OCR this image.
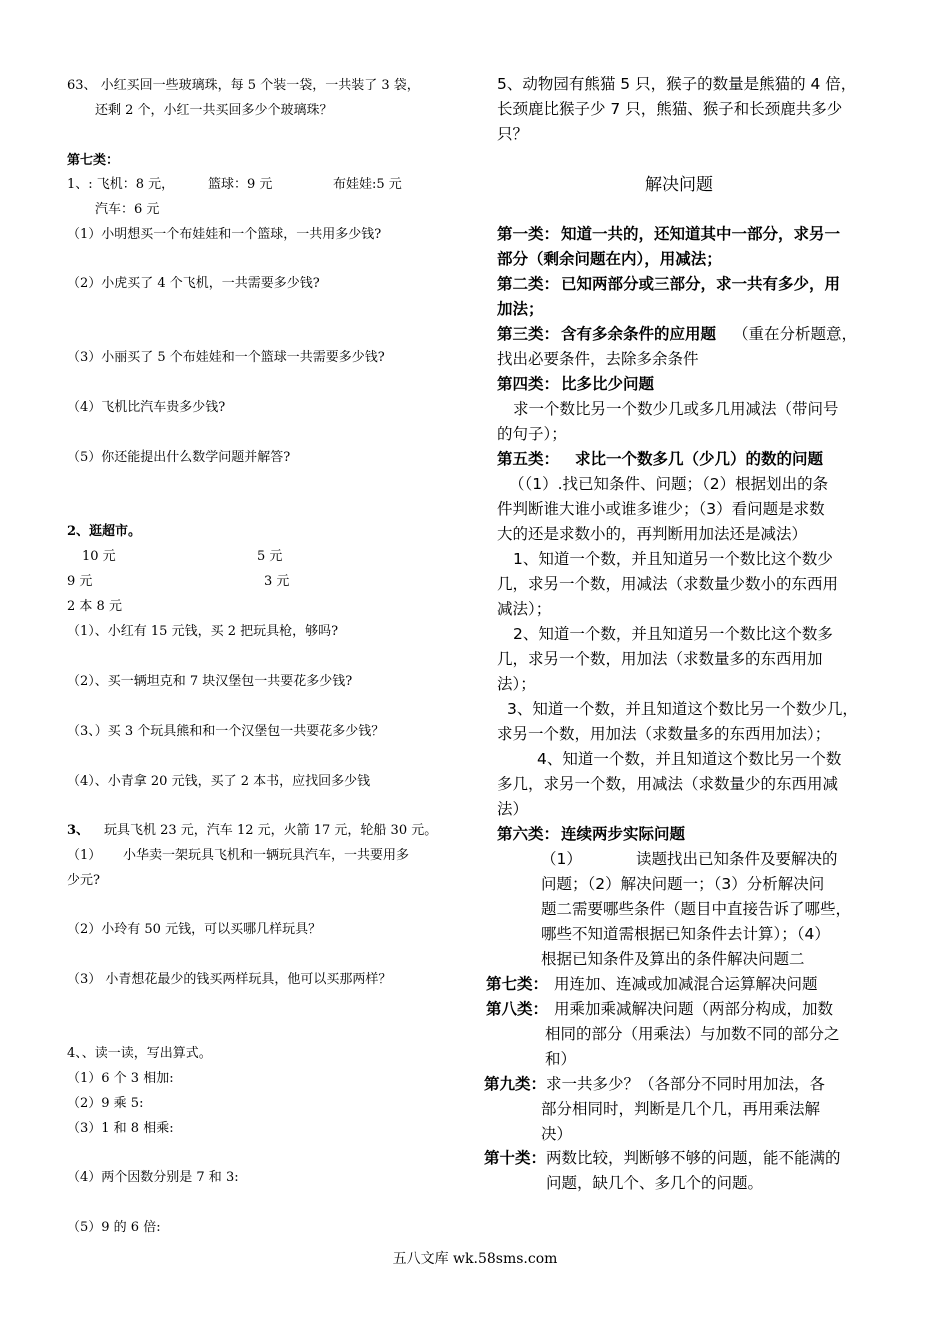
63、 小红买回一些玻璃珠，每 5 个装一袋，一共装了 3 袋，
还剩 2 个，小红一共买回多少个玻璃珠？
第七类：
1、: 飞机：8 元，	篮球：9 元	布娃娃:5 元
汽车：6 元
（1）小明想买一个布娃娃和一个篮球，一共用多少钱?
（2）小虎买了 4 个飞机，一共需要多少钱?
（3）小丽买了 5 个布娃娃和一个篮球一共需要多少钱?
（4）飞机比汽车贵多少钱?
（5）你还能提出什么数学问题并解答?
2、逛超市。
10 元	5 元
9 元	3 元
2 本 8 元
（1）、小红有 15 元钱，买 2 把玩具枪，够吗?
（2）、买一辆坦克和 7 块汉堡包一共要花多少钱?
（3、）买 3 个玩具熊和和一个汉堡包一共要花多少钱？
（4）、小青拿 20 元钱，买了 2 本书，应找回多少钱
3、 玩具飞机 23 元，汽车 12 元，火箭 17 元，轮船 30 元。
（1） 小华卖一架玩具飞机和一辆玩具汽车，一共要用多
少元?
（2）小玲有 50 元钱，可以买哪几样玩具？
（3） 小青想花最少的钱买两样玩具，他可以买那两样？
4、、读一读，写出算式。
（1）6 个 3 相加:
（2）9 乘 5:
（3）1 和 8 相乘:
（4）两个因数分别是 7 和 3:
（5）9 的 6 倍:
5、动物园有熊猫 5 只，猴子的数量是熊猫的 4 倍，
长颈鹿比猴子少 7 只，熊猫、猴子和长颈鹿共多少
只？
解决问题
第一类： 知道一共的，还知道其中一部分，求另一
部分（剩余问题在内），用减法；
第二类： 已知两部分或三部分，求一共有多少，用
加法；
第三类： 含有多余条件的应用题 （重在分析题意，
找出必要条件，去除多余条件
第四类： 比多比少问题
求一个数比另一个数少几或多几用减法（带问号
的句子）；
第五类： 求比一个数多几（少几）的数的问题
（（1）.找已知条件、问题；（2）根据划出的条
件判断谁大谁小或谁多谁少；（3）看问题是求数
大的还是求数小的，再判断用加法还是减法）
1、知道一个数，并且知道另一个数比这个数少
几，求另一个数，用减法（求数量少数小的东西用
减法）；
2、知道一个数，并且知道另一个数比这个数多
几，求另一个数，用加法（求数量多的东西用加
法）；
3、知道一个数，并且知道这个数比另一个数少几，
求另一个数，用加法（求数量多的东西用加法）；
4、知道一个数，并且知道这个数比另一个数
多几，求另一个数，用减法（求数量少的东西用减
法）
第六类： 连续两步实际问题
（1）	读题找出已知条件及要解决的
问题；（2）解决问题一；（3）分析解决问
题二需要哪些条件（题目中直接告诉了哪些，
哪些不知道需根据已知条件去计算）；（4）
根据已知条件及算出的条件解决问题二
第七类： 用连加、连减或加减混合运算解决问题
第八类： 用乘加乘减解决问题（两部分构成，加数
相同的部分（用乘法）与加数不同的部分之
和）
第九类： 求一共多少？（各部分不同时用加法，各
部分相同时，判断是几个几，再用乘法解
决）
第十类： 两数比较，判断够不够的问题，能不能满的
问题，缺几个、多几个的问题。
五八文库 wk.58sms.com
